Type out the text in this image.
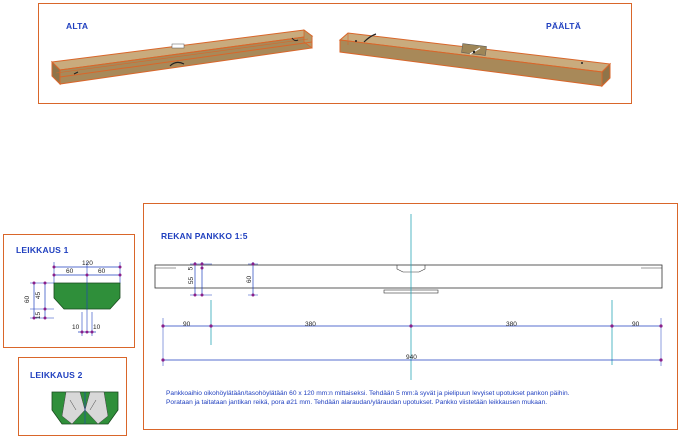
ALTA	PÄÄLTÄ
LEIKKAUS 1
120
60	60
60
45
15
10 10
LEIKKAUS 2
REKAN PANKKO 1:5
5
55	60
90	380	380	90
940
Pankkoaihio oikohöylätään/tasohöylätään 60 x 120 mm:n mittaiseksi. Tehdään 5 mm:ä syvät ja pielipuun levyiset upotukset pankon päihin.
Porataan ja taitataan jantikan reikä, pora ø21 mm. Tehdään alaraudan/yläraudan upotukset. Pankko viistetään leikkausen mukaan.
